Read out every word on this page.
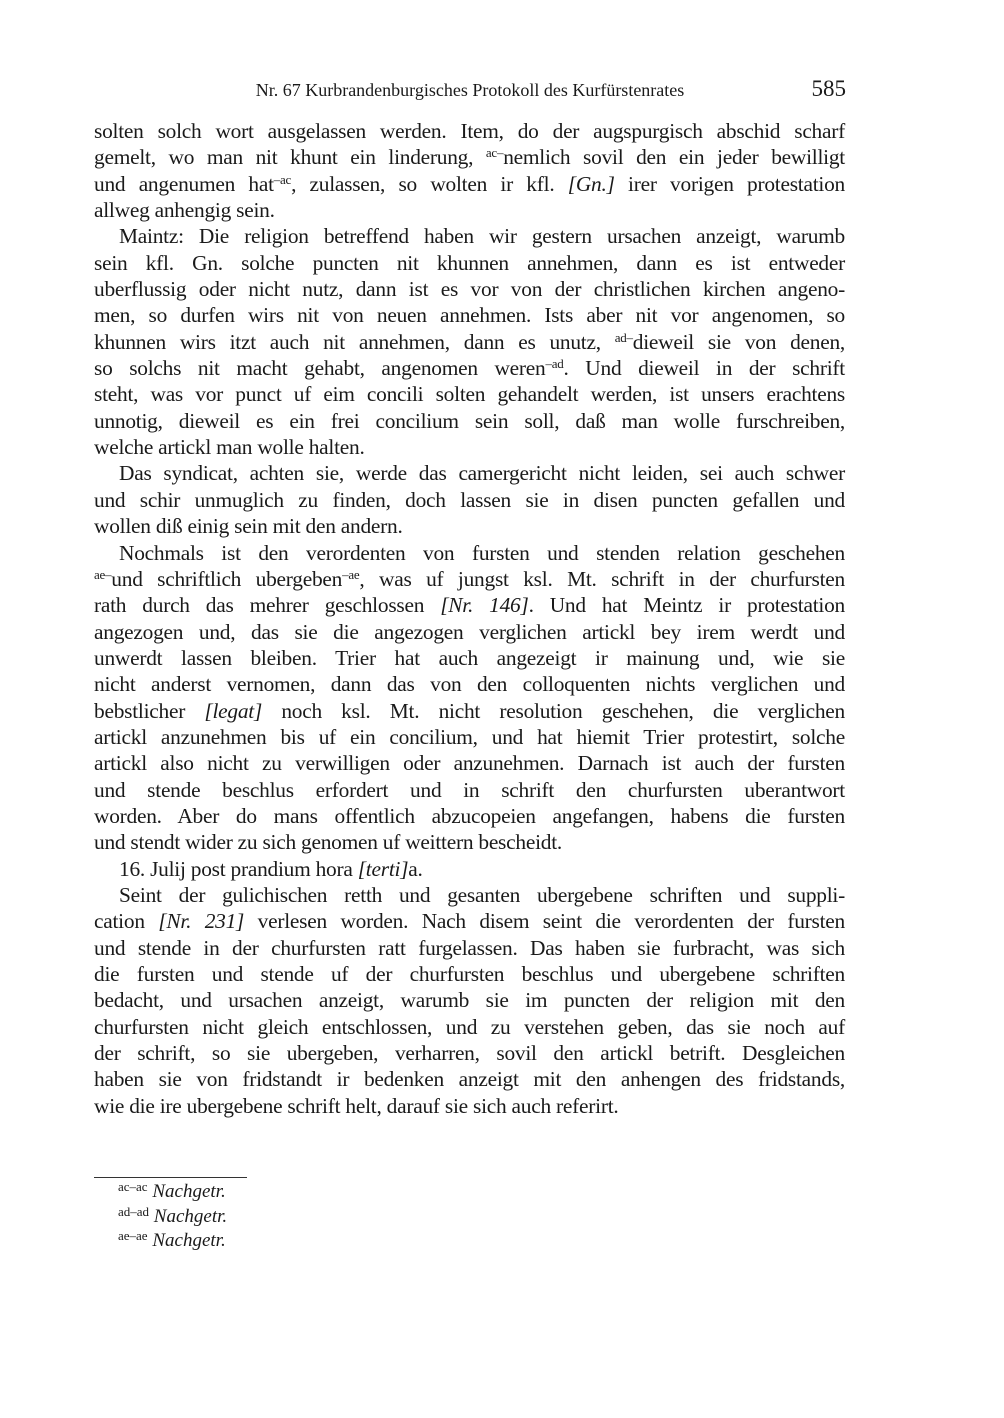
Nr. 67 Kurbrandenburgisches Protokoll des Kurfürstenrates	585
solten solch wort ausgelassen werden. Item, do der augspurgisch abschid scharf
gemelt, wo man nit khunt ein linderung, $^{ac-}$nemlich sovil den ein jeder bewilligt
und angenumen hat$^{-ac}$, zulassen, so wolten ir kfl. [Gn.] irer vorigen protestation
allweg anhengig sein.
Maintz: Die religion betreffend haben wir gestern ursachen anzeigt, warumb
sein kfl. Gn. solche puncten nit khunnen annehmen, dann es ist entweder
uberflussig oder nicht nutz, dann ist es vor von der christlichen kirchen angeno-
men, so durfen wirs nit von neuen annehmen. Ists aber nit vor angenomen, so
khunnen wirs itzt auch nit annehmen, dann es unutz, $^{ad-}$dieweil sie von denen,
so solchs nit macht gehabt, angenomen weren$^{-ad}$. Und dieweil in der schrift
steht, was vor punct uf eim concili solten gehandelt werden, ist unsers erachtens
unnotig, dieweil es ein frei concilium sein soll, daß man wolle furschreiben,
welche artickl man wolle halten.
Das syndicat, achten sie, werde das camergericht nicht leiden, sei auch schwer
und schir unmuglich zu finden, doch lassen sie in disen puncten gefallen und
wollen diß einig sein mit den andern.
Nochmals ist den verordenten von fursten und stenden relation geschehen
$^{ae-}$und schriftlich ubergeben$^{-ae}$, was uf jungst ksl. Mt. schrift in der churfursten
rath durch das mehrer geschlossen [Nr. 146]. Und hat Meintz ir protestation
angezogen und, das sie die angezogen verglichen artickl bey irem werdt und
unwerdt lassen bleiben. Trier hat auch angezeigt ir mainung und, wie sie
nicht anderst vernomen, dann das von den colloquenten nichts verglichen und
bebstlicher [legat] noch ksl. Mt. nicht resolution geschehen, die verglichen
artickl anzunehmen bis uf ein concilium, und hat hiemit Trier protestirt, solche
artickl also nicht zu verwilligen oder anzunehmen. Darnach ist auch der fursten
und stende beschlus erfordert und in schrift den churfursten uberantwort
worden. Aber do mans offentlich abzucopeien angefangen, habens die fursten
und stendt wider zu sich genomen uf weittern bescheidt.
16. Julij post prandium hora [terti]a.
Seint der gulichischen retth und gesanten ubergebene schriften und suppli-
cation [Nr. 231] verlesen worden. Nach disem seint die verordenten der fursten
und stende in der churfursten ratt furgelassen. Das haben sie furbracht, was sich
die fursten und stende uf der churfursten beschlus und ubergebene schriften
bedacht, und ursachen anzeigt, warumb sie im puncten der religion mit den
churfursten nicht gleich entschlossen, und zu verstehen geben, das sie noch auf
der schrift, so sie ubergeben, verharren, sovil den artickl betrift. Desgleichen
haben sie von fridstandt ir bedenken anzeigt mit den anhengen des fridstands,
wie die ire ubergebene schrift helt, darauf sie sich auch referirt.
$^{ac-ac}$ Nachgetr.
$^{ad-ad}$ Nachgetr.
$^{ae-ae}$ Nachgetr.
